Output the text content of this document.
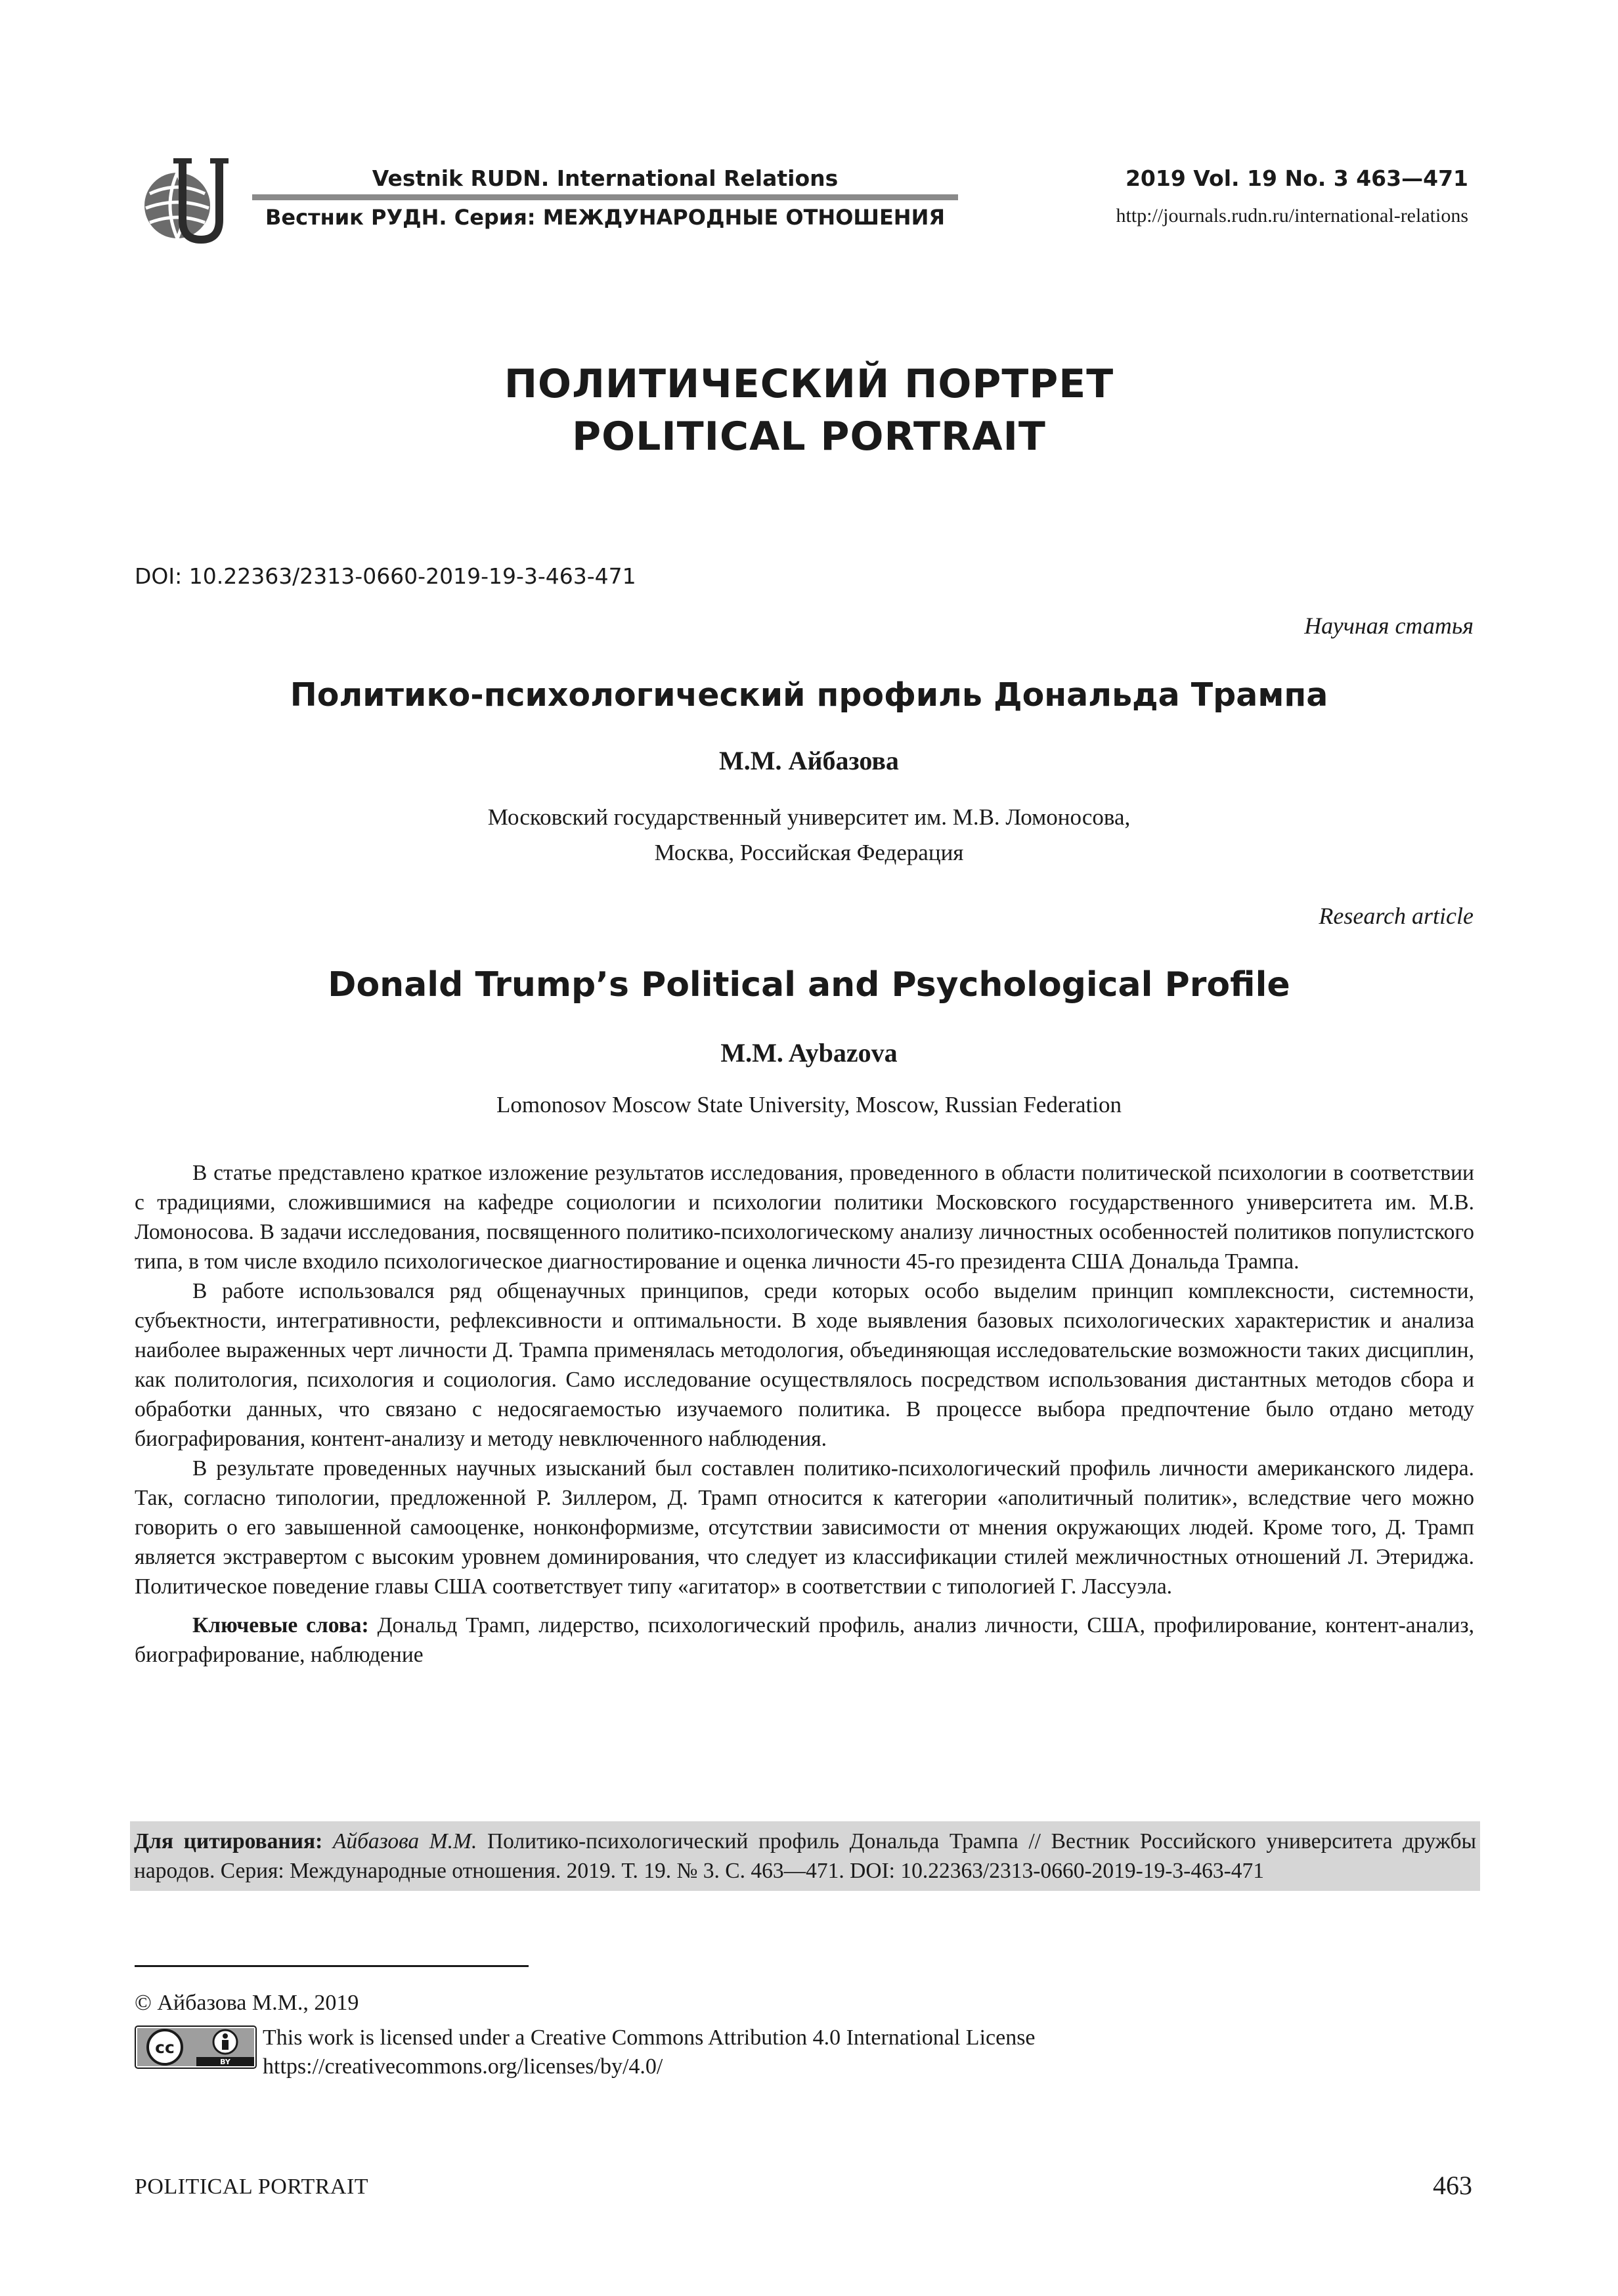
Vestnik RUDN. International Relations
Вестник РУДН. Серия: МЕЖДУНАРОДНЫЕ ОТНОШЕНИЯ
2019 Vol. 19 No. 3 463—471
http://journals.rudn.ru/international-relations
ПОЛИТИЧЕСКИЙ ПОРТРЕТ
POLITICAL PORTRAIT
DOI: 10.22363/2313-0660-2019-19-3-463-471
Научная статья
Политико-психологический профиль Дональда Трампа
М.М. Айбазова
Московский государственный университет им. М.В. Ломоносова,
Москва, Российская Федерация
Research article
Donald Trump’s Political and Psychological Profile
M.M. Aybazova
Lomonosov Moscow State University, Moscow, Russian Federation

В статье представлено краткое изложение результатов исследования, проведенного в области политической психологии в соответствии с традициями, сложившимися на кафедре социологии и психологии политики Московского государственного университета им. М.В. Ломоносова. В задачи исследования, посвященного политико-психологическому анализу личностных особенностей политиков популистского типа, в том числе входило психологическое диагностирование и оценка личности 45-го президента США Дональда Трампа.

В работе использовался ряд общенаучных принципов, среди которых особо выделим принцип комплексности, системности, субъектности, интегративности, рефлексивности и оптимальности. В ходе выявления базовых психологических характеристик и анализа наиболее выраженных черт личности Д. Трампа применялась методология, объединяющая исследовательские возможности таких дисциплин, как политология, психология и социология. Само исследование осуществлялось посредством использования дистантных методов сбора и обработки данных, что связано с недосягаемостью изучаемого политика. В процессе выбора предпочтение было отдано методу биографирования, контент-анализу и методу невключенного наблюдения.

В результате проведенных научных изысканий был составлен политико-психологический профиль личности американского лидера. Так, согласно типологии, предложенной Р. Зиллером, Д. Трамп относится к категории «аполитичный политик», вследствие чего можно говорить о его завышенной самооценке, нонконформизме, отсутствии зависимости от мнения окружающих людей. Кроме того, Д. Трамп является экстравертом с высоким уровнем доминирования, что следует из классификации стилей межличностных отношений Л. Этериджа. Политическое поведение главы США соответствует типу «агитатор» в соответствии с типологией Г. Лассуэла.

Ключевые слова: Дональд Трамп, лидерство, психологический профиль, анализ личности, США, профилирование, контент-анализ, биографирование, наблюдение

Для цитирования: Айбазова М.М. Политико-психологический профиль Дональда Трампа // Вестник Российского университета дружбы народов. Серия: Международные отношения. 2019. Т. 19. № 3. С. 463—471. DOI: 10.22363/2313-0660-2019-19-3-463-471
© Айбазова М.М., 2019
cc
BY
This work is licensed under a Creative Commons Attribution 4.0 International License
https://creativecommons.org/licenses/by/4.0/
POLITICAL PORTRAIT	463
